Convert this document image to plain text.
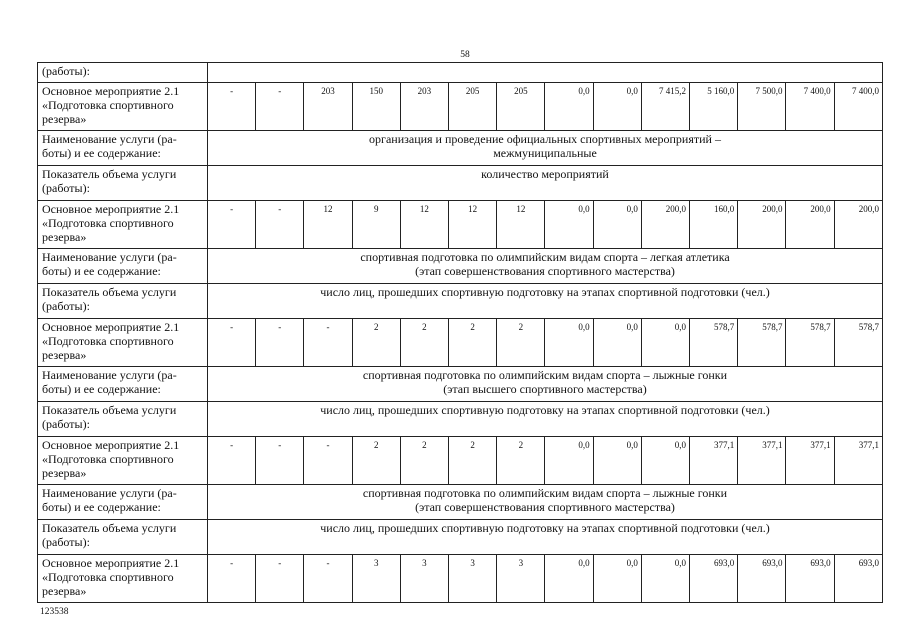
58
(работы):														

Основное мероприятие 2.1
«Подготовка спортивного
резерва»	-	-	203	150	203	205	205	0,0	0,0	7 415,2	5 160,0	7 500,0	7 400,0	7 400,0

Наименование услуги (ра-
боты) и ее содержание:	организация и проведение официальных спортивных мероприятий –
межмуниципальные													

Показатель объема услуги
(работы):	количество мероприятий													

Основное мероприятие 2.1
«Подготовка спортивного
резерва»	-	-	12	9	12	12	12	0,0	0,0	200,0	160,0	200,0	200,0	200,0

Наименование услуги (ра-
боты) и ее содержание:	спортивная подготовка по олимпийским видам спорта – легкая атлетика
(этап совершенствования спортивного мастерства)													

Показатель объема услуги
(работы):	число лиц, прошедших спортивную подготовку на этапах спортивной подготовки (чел.)													

Основное мероприятие 2.1
«Подготовка спортивного
резерва»	-	-	-	2	2	2	2	0,0	0,0	0,0	578,7	578,7	578,7	578,7

Наименование услуги (ра-
боты) и ее содержание:	спортивная подготовка по олимпийским видам спорта – лыжные гонки
(этап высшего спортивного мастерства)													

Показатель объема услуги
(работы):	число лиц, прошедших спортивную подготовку на этапах спортивной подготовки (чел.)													

Основное мероприятие 2.1
«Подготовка спортивного
резерва»	-	-	-	2	2	2	2	0,0	0,0	0,0	377,1	377,1	377,1	377,1

Наименование услуги (ра-
боты) и ее содержание:	спортивная подготовка по олимпийским видам спорта – лыжные гонки
(этап совершенствования спортивного мастерства)													

Показатель объема услуги
(работы):	число лиц, прошедших спортивную подготовку на этапах спортивной подготовки (чел.)													

Основное мероприятие 2.1
«Подготовка спортивного
резерва»	-	-	-	3	3	3	3	0,0	0,0	0,0	693,0	693,0	693,0	693,0
123538
